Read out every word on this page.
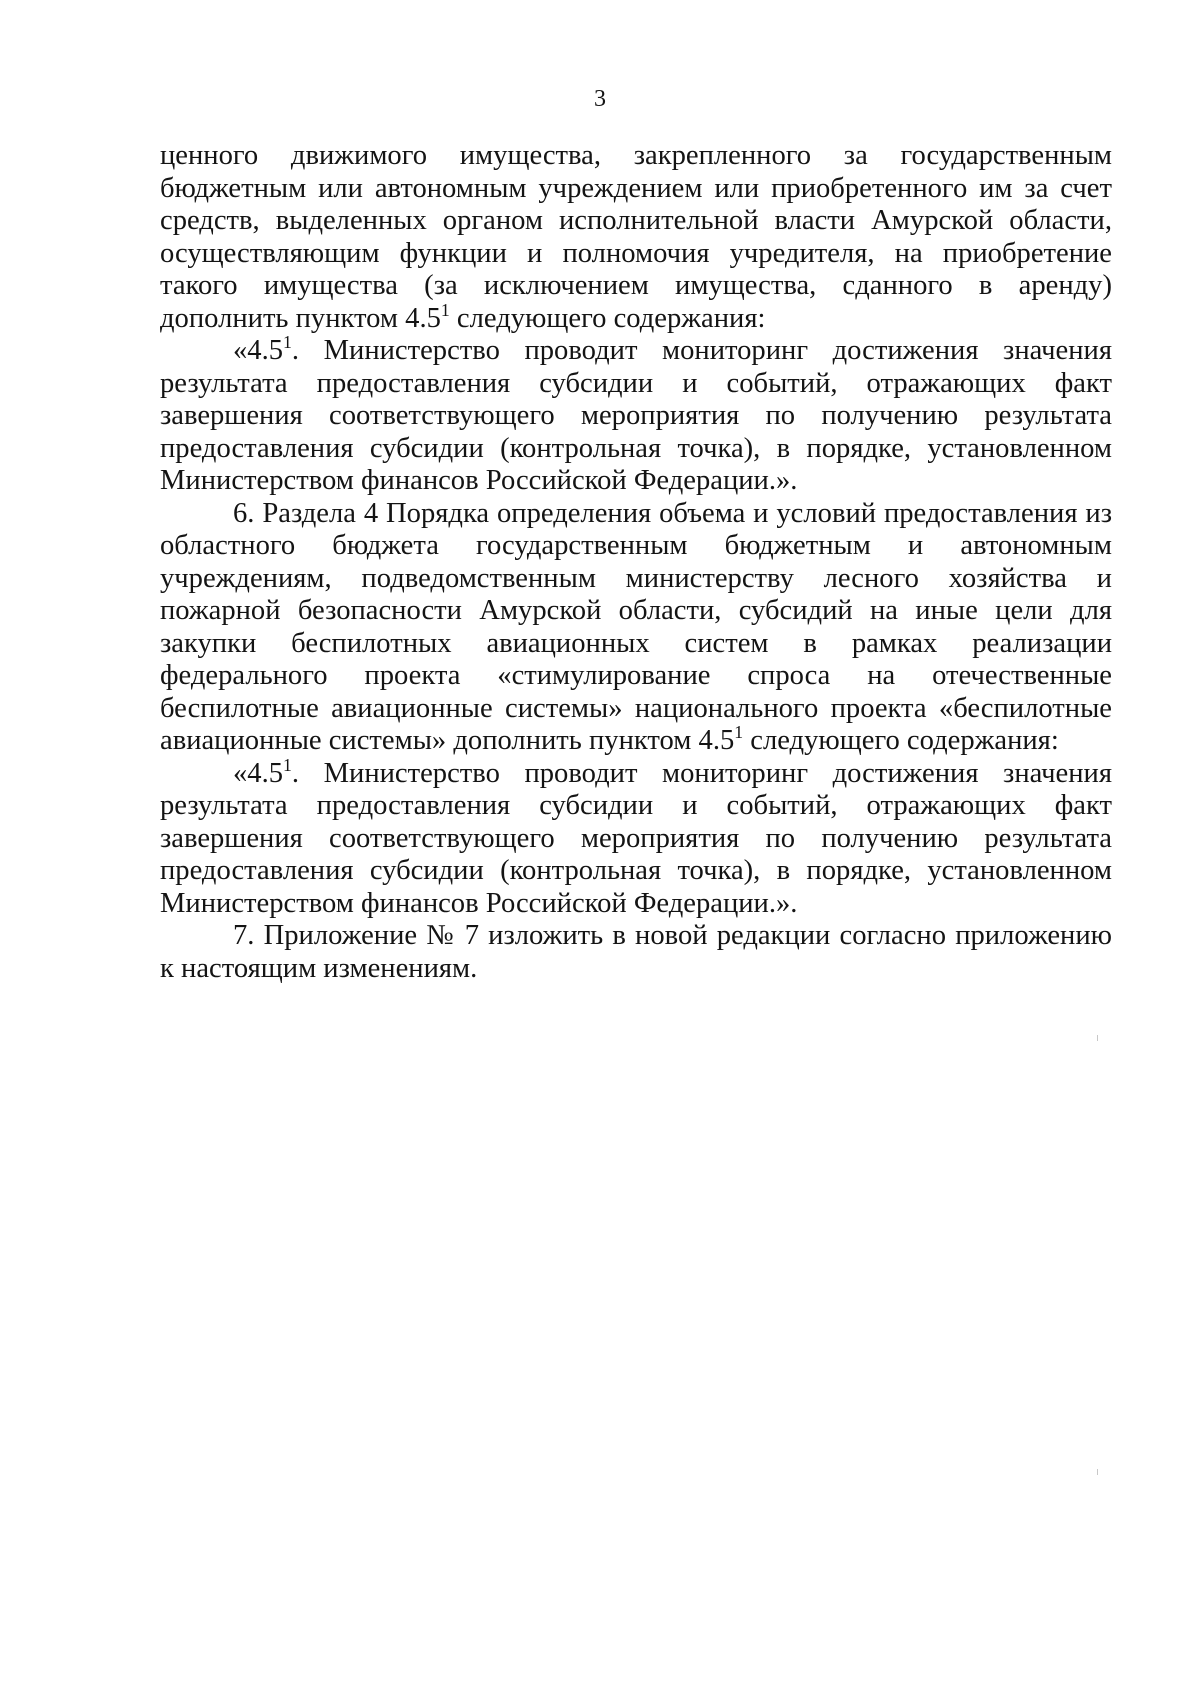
3

ценного движимого имущества, закрепленного за государственным бюджетным или автономным учреждением или приобретенного им за счет средств, выделенных органом исполнительной власти Амурской области, осуществляющим функции и полномочия учредителя, на приобретение такого имущества (за исключением имущества, сданного в аренду) дополнить пунктом $4.5^1$ следующего содержания:

«$4.5^1$. Министерство проводит мониторинг достижения значения результата предоставления субсидии и событий, отражающих факт завершения соответствующего мероприятия по получению результата предоставления субсидии (контрольная точка), в порядке, установленном Министерством финансов Российской Федерации.».

6. Раздела 4 Порядка определения объема и условий предоставления из областного бюджета государственным бюджетным и автономным учреждениям, подведомственным министерству лесного хозяйства и пожарной безопасности Амурской области, субсидий на иные цели для закупки беспилотных авиационных систем в рамках реализации федерального проекта «стимулирование спроса на отечественные беспилотные авиационные системы» национального проекта «беспилотные авиационные системы» дополнить пунктом $4.5^1$ следующего содержания:

«$4.5^1$. Министерство проводит мониторинг достижения значения результата предоставления субсидии и событий, отражающих факт завершения соответствующего мероприятия по получению результата предоставления субсидии (контрольная точка), в порядке, установленном Министерством финансов Российской Федерации.».

7. Приложение № 7 изложить в новой редакции согласно приложению к настоящим изменениям.
